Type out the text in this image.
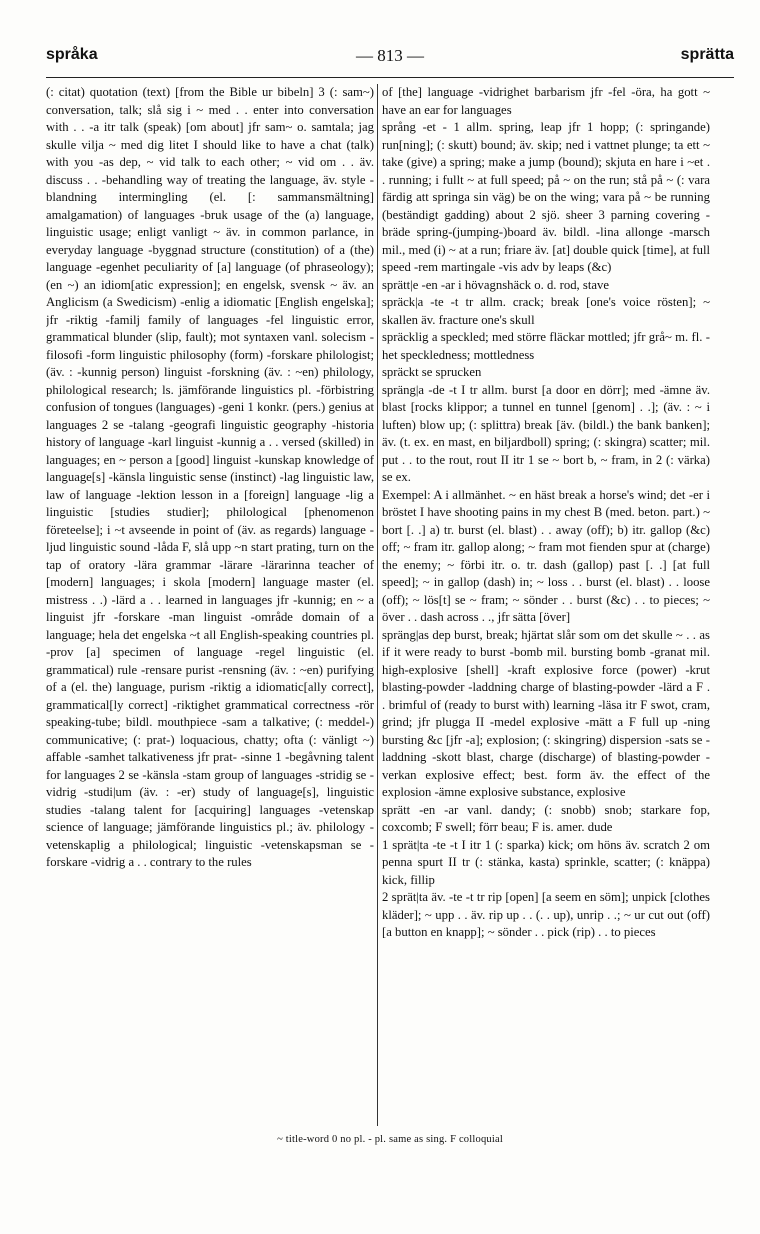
språka	— 813 —	sprätta

(: citat) quotation (text) [from the Bible ur bibeln] 3 (: sam~) conversation, talk; slå sig i ~ med . . enter into conversation with . . -a itr talk (speak) [om about] jfr sam~ o. samtala; jag skulle vilja ~ med dig litet I should like to have a chat (talk) with you -as dep, ~ vid talk to each other; ~ vid om . . äv. discuss . . -behandling way of treating the language, äv. style -blandning intermingling (el. [: sammansmältning] amalgamation) of languages -bruk usage of the (a) language, linguistic usage; enligt vanligt ~ äv. in common parlance, in everyday language -byggnad structure (constitution) of a (the) language -egenhet peculiarity of [a] language (of phraseology); (en ~) an idiom[atic expression]; en engelsk, svensk ~ äv. an Anglicism (a Swedicism) -enlig a idiomatic [English engelska]; jfr -riktig -familj family of languages -fel linguistic error, grammatical blunder (slip, fault); mot syntaxen vanl. solecism -filosofi -form linguistic philosophy (form) -forskare philologist; (äv. : -kunnig person) linguist -forskning (äv. : ~en) philology, philological research; ls. jämförande linguistics pl. -förbistring confusion of tongues (languages) -geni 1 konkr. (pers.) genius at languages 2 se -talang -geografi linguistic geography -historia history of language -karl linguist -kunnig a . . versed (skilled) in languages; en ~ person a [good] linguist -kunskap knowledge of language[s] -känsla linguistic sense (instinct) -lag linguistic law, law of language -lektion lesson in a [foreign] language -lig a linguistic [studies studier]; philological [phenomenon företeelse]; i ~t avseende in point of (äv. as regards) language -ljud linguistic sound -låda F, slå upp ~n start prating, turn on the tap of oratory -lära grammar -lärare -lärarinna teacher of [modern] languages; i skola [modern] language master (el. mistress . .) -lärd a . . learned in languages jfr -kunnig; en ~ a linguist jfr -forskare -man linguist -område domain of a language; hela det engelska ~t all English-speaking countries pl. -prov [a] specimen of language -regel linguistic (el. grammatical) rule -rensare purist -rensning (äv. : ~en) purifying of a (el. the) language, purism -riktig a idiomatic[ally correct], grammatical[ly correct] -riktighet grammatical correctness -rör speaking-tube; bildl. mouthpiece -sam a talkative; (: meddel-) communicative; (: prat-) loquacious, chatty; ofta (: vänligt ~) affable -samhet talkativeness jfr prat- -sinne 1 -begåvning talent for languages 2 se -känsla -stam group of languages -stridig se -vidrig -studi|um (äv. : -er) study of language[s], linguistic studies -talang talent for [acquiring] languages -vetenskap science of language; jämförande linguistics pl.; äv. philology -vetenskaplig a philological; linguistic -vetenskapsman se -forskare -vidrig a . . contrary to the rules

of [the] language -vidrighet barbarism jfr -fel -öra, ha gott ~ have an ear for languages

språng -et - 1 allm. spring, leap jfr 1 hopp; (: springande) run[ning]; (: skutt) bound; äv. skip; ned i vattnet plunge; ta ett ~ take (give) a spring; make a jump (bound); skjuta en hare i ~et . . running; i fullt ~ at full speed; på ~ on the run; stå på ~ (: vara färdig att springa sin väg) be on the wing; vara på ~ be running (beständigt gadding) about 2 sjö. sheer 3 parning covering -bräde spring-(jumping-)board äv. bildl. -lina allonge -marsch mil., med (i) ~ at a run; friare äv. [at] double quick [time], at full speed -rem martingale -vis adv by leaps (&c)

sprätt|e -en -ar i hövagnshäck o. d. rod, stave

spräck|a -te -t tr allm. crack; break [one's voice rösten]; ~ skallen äv. fracture one's skull

spräcklig a speckled; med större fläckar mottled; jfr grå~ m. fl. -het speckledness; mottledness

spräckt se sprucken

spräng|a -de -t I tr allm. burst [a door en dörr]; med -ämne äv. blast [rocks klippor; a tunnel en tunnel [genom] . .]; (äv. : ~ i luften) blow up; (: splittra) break [äv. (bildl.) the bank banken]; äv. (t. ex. en mast, en biljardboll) spring; (: skingra) scatter; mil. put . . to the rout, rout II itr 1 se ~ bort b, ~ fram, in 2 (: värka) se ex.

Exempel: A i allmänhet. ~ en häst break a horse's wind; det -er i bröstet I have shooting pains in my chest B (med. beton. part.) ~ bort [. .] a) tr. burst (el. blast) . . away (off); b) itr. gallop (&c) off; ~ fram itr. gallop along; ~ fram mot fienden spur at (charge) the enemy; ~ förbi itr. o. tr. dash (gallop) past [. .] [at full speed]; ~ in gallop (dash) in; ~ loss . . burst (el. blast) . . loose (off); ~ lös[t] se ~ fram; ~ sönder . . burst (&c) . . to pieces; ~ över . . dash across . ., jfr sätta [över]

spräng|as dep burst, break; hjärtat slår som om det skulle ~ . . as if it were ready to burst -bomb mil. bursting bomb -granat mil. high-explosive [shell] -kraft explosive force (power) -krut blasting-powder -laddning charge of blasting-powder -lärd a F . . brimful of (ready to burst with) learning -läsa itr F swot, cram, grind; jfr plugga II -medel explosive -mätt a F full up -ning bursting &c [jfr -a]; explosion; (: skingring) dispersion -sats se -laddning -skott blast, charge (discharge) of blasting-powder -verkan explosive effect; best. form äv. the effect of the explosion -ämne explosive substance, explosive

sprätt -en -ar vanl. dandy; (: snobb) snob; starkare fop, coxcomb; F swell; förr beau; F is. amer. dude

1 sprät|ta -te -t I itr 1 (: sparka) kick; om höns äv. scratch 2 om penna spurt II tr (: stänka, kasta) sprinkle, scatter; (: knäppa) kick, fillip

2 sprät|ta äv. -te -t tr rip [open] [a seem en söm]; unpick [clothes kläder]; ~ upp . . äv. rip up . . (. . up), unrip . .; ~ ur cut out (off) [a button en knapp]; ~ sönder . . pick (rip) . . to pieces

~ title-word 0 no pl. - pl. same as sing. F colloquial
